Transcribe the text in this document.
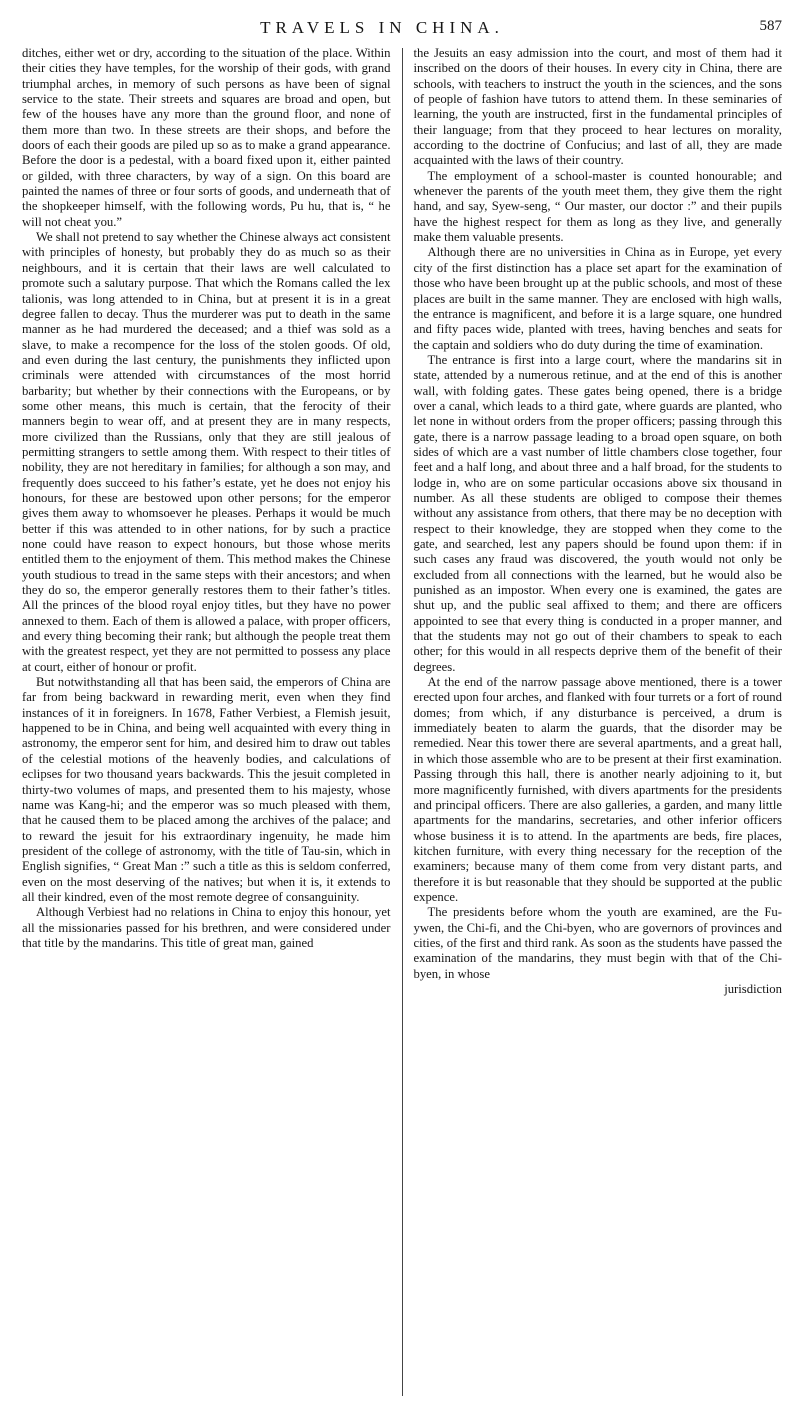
TRAVELS IN CHINA.	587

ditches, either wet or dry, according to the situation of the place. Within their cities they have temples, for the worship of their gods, with grand triumphal arches, in memory of such persons as have been of signal service to the state. Their streets and squares are broad and open, but few of the houses have any more than the ground floor, and none of them more than two. In these streets are their shops, and before the doors of each their goods are piled up so as to make a grand appearance. Before the door is a pedestal, with a board fixed upon it, either painted or gilded, with three characters, by way of a sign. On this board are painted the names of three or four sorts of goods, and underneath that of the shopkeeper himself, with the following words, Pu hu, that is, “ he will not cheat you.”

We shall not pretend to say whether the Chinese always act consistent with principles of honesty, but probably they do as much so as their neighbours, and it is certain that their laws are well calculated to promote such a salutary purpose. That which the Romans called the lex talionis, was long attended to in China, but at present it is in a great degree fallen to decay. Thus the murderer was put to death in the same manner as he had murdered the deceased; and a thief was sold as a slave, to make a recompence for the loss of the stolen goods. Of old, and even during the last century, the punishments they inflicted upon criminals were attended with circumstances of the most horrid barbarity; but whether by their connections with the Europeans, or by some other means, this much is certain, that the ferocity of their manners begin to wear off, and at present they are in many respects, more civilized than the Russians, only that they are still jealous of permitting strangers to settle among them. With respect to their titles of nobility, they are not hereditary in families; for although a son may, and frequently does succeed to his father’s estate, yet he does not enjoy his honours, for these are bestowed upon other persons; for the emperor gives them away to whomsoever he pleases. Perhaps it would be much better if this was attended to in other nations, for by such a practice none could have reason to expect honours, but those whose merits entitled them to the enjoyment of them. This method makes the Chinese youth studious to tread in the same steps with their ancestors; and when they do so, the emperor generally restores them to their father’s titles. All the princes of the blood royal enjoy titles, but they have no power annexed to them. Each of them is allowed a palace, with proper officers, and every thing becoming their rank; but although the people treat them with the greatest respect, yet they are not permitted to possess any place at court, either of honour or profit.

But notwithstanding all that has been said, the emperors of China are far from being backward in rewarding merit, even when they find instances of it in foreigners. In 1678, Father Verbiest, a Flemish jesuit, happened to be in China, and being well acquainted with every thing in astronomy, the emperor sent for him, and desired him to draw out tables of the celestial motions of the heavenly bodies, and calculations of eclipses for two thousand years backwards. This the jesuit completed in thirty-two volumes of maps, and presented them to his majesty, whose name was Kang-hi; and the emperor was so much pleased with them, that he caused them to be placed among the archives of the palace; and to reward the jesuit for his extraordinary ingenuity, he made him president of the college of astronomy, with the title of Tau-sin, which in English signifies, “ Great Man :” such a title as this is seldom conferred, even on the most deserving of the natives; but when it is, it extends to all their kindred, even of the most remote degree of consanguinity.

Although Verbiest had no relations in China to enjoy this honour, yet all the missionaries passed for his brethren, and were considered under that title by the mandarins. This title of great man, gained

the Jesuits an easy admission into the court, and most of them had it inscribed on the doors of their houses. In every city in China, there are schools, with teachers to instruct the youth in the sciences, and the sons of people of fashion have tutors to attend them. In these seminaries of learning, the youth are instructed, first in the fundamental principles of their language; from that they proceed to hear lectures on morality, according to the doctrine of Confucius; and last of all, they are made acquainted with the laws of their country.

The employment of a school-master is counted honourable; and whenever the parents of the youth meet them, they give them the right hand, and say, Syew-seng, “ Our master, our doctor :” and their pupils have the highest respect for them as long as they live, and generally make them valuable presents.

Although there are no universities in China as in Europe, yet every city of the first distinction has a place set apart for the examination of those who have been brought up at the public schools, and most of these places are built in the same manner. They are enclosed with high walls, the entrance is magnificent, and before it is a large square, one hundred and fifty paces wide, planted with trees, having benches and seats for the captain and soldiers who do duty during the time of examination.

The entrance is first into a large court, where the mandarins sit in state, attended by a numerous retinue, and at the end of this is another wall, with folding gates. These gates being opened, there is a bridge over a canal, which leads to a third gate, where guards are planted, who let none in without orders from the proper officers; passing through this gate, there is a narrow passage leading to a broad open square, on both sides of which are a vast number of little chambers close together, four feet and a half long, and about three and a half broad, for the students to lodge in, who are on some particular occasions above six thousand in number. As all these students are obliged to compose their themes without any assistance from others, that there may be no deception with respect to their knowledge, they are stopped when they come to the gate, and searched, lest any papers should be found upon them: if in such cases any fraud was discovered, the youth would not only be excluded from all connections with the learned, but he would also be punished as an impostor. When every one is examined, the gates are shut up, and the public seal affixed to them; and there are officers appointed to see that every thing is conducted in a proper manner, and that the students may not go out of their chambers to speak to each other; for this would in all respects deprive them of the benefit of their degrees.

At the end of the narrow passage above mentioned, there is a tower erected upon four arches, and flanked with four turrets or a fort of round domes; from which, if any disturbance is perceived, a drum is immediately beaten to alarm the guards, that the disorder may be remedied. Near this tower there are several apartments, and a great hall, in which those assemble who are to be present at their first examination. Passing through this hall, there is another nearly adjoining to it, but more magnificently furnished, with divers apartments for the presidents and principal officers. There are also galleries, a garden, and many little apartments for the mandarins, secretaries, and other inferior officers whose business it is to attend. In the apartments are beds, fire places, kitchen furniture, with every thing necessary for the reception of the examiners; because many of them come from very distant parts, and therefore it is but reasonable that they should be supported at the public expence.

The presidents before whom the youth are examined, are the Fu-ywen, the Chi-fi, and the Chi-byen, who are governors of provinces and cities, of the first and third rank. As soon as the students have passed the examination of the mandarins, they must begin with that of the Chi-byen, in whose

jurisdiction
